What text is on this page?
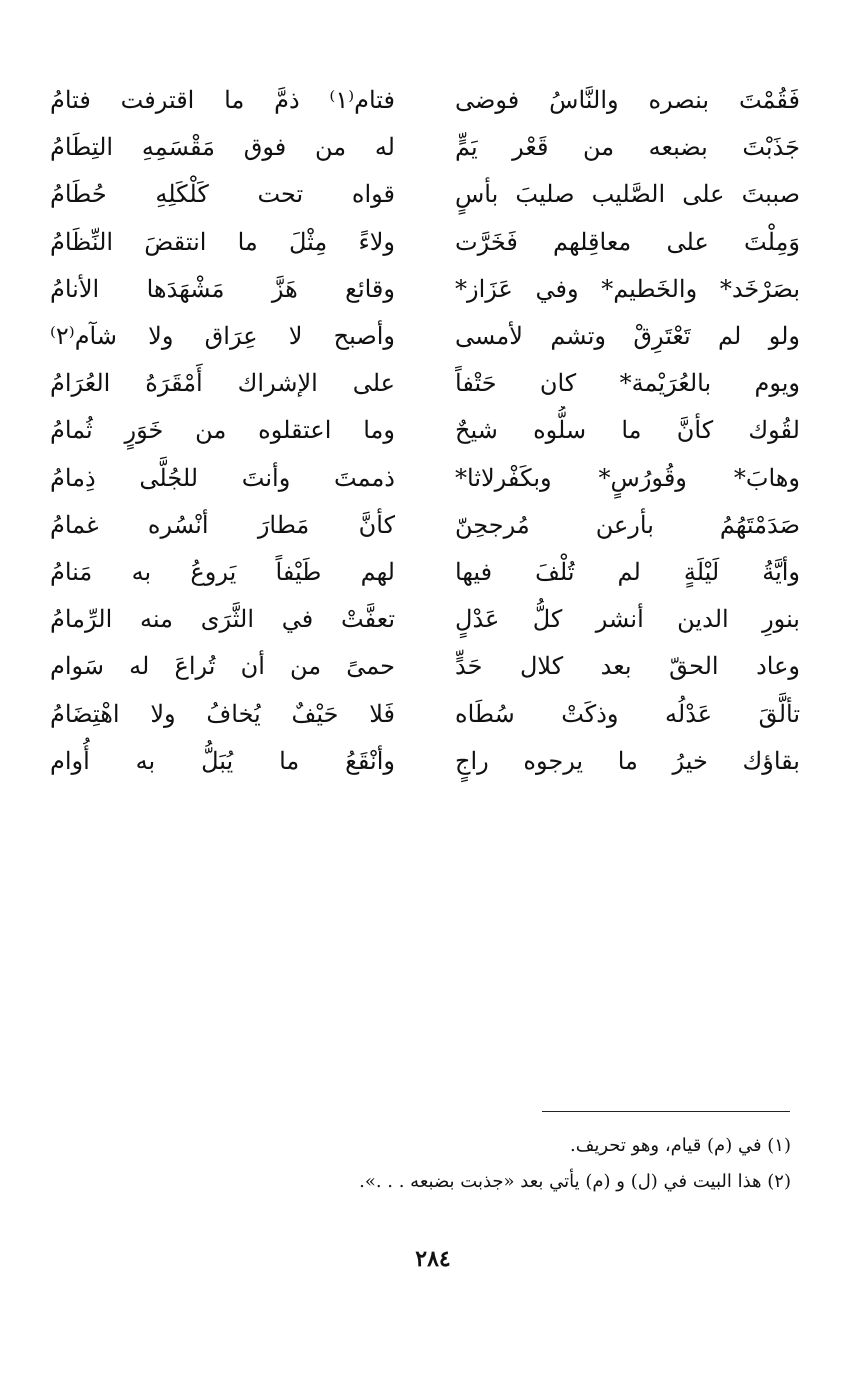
فَقُمْتَ بنصره والنَّاسُ فوضى
فتام⁽١⁾ ذمَّ ما اقترفت فتامُ
جَذَبْتَ بضبعه من قَعْر يَمٍّ
له من فوق مَقْسَمِهِ التِطَامُ
صببتَ على الصَّليب صليبَ بأسٍ
قواه تحت كَلْكَلِهِ حُطَامُ
وَمِلْتَ على معاقِلهم فَخَرَّت
ولاءً مِثْلَ ما انتقضَ النِّظَامُ
بصَرْخَد* والخَطيم* وفي عَزَاز*
وقائع هَزَّ مَشْهَدَها الأنامُ
ولو لم تَعْتَرِقْ وتشم لأمسى
وأصبح لا عِرَاق ولا شآم⁽٢⁾
ويوم بالعُرَيْمة* كان حَتْفاً
على الإشراك أَمْقَرَهُ العُرَامُ
لقُوك كأنَّ ما سلُّوه شيحٌ
وما اعتقلوه من خَوَرٍ ثُمامُ
وهابَ* وقُورُسٍ* وبكَفْرلاثا*
ذممتَ وأنتَ للجُلَّى ذِمامُ
صَدَمْتَهُمُ بأرعن مُرجحِنّ
كأنَّ مَطارَ أنْسُره غمامُ
وأيَّةُ لَيْلَةٍ لم تُلْفَ فيها
لهم طَيْفاً يَروعُ به مَنامُ
بنورِ الدين أنشر كلُّ عَدْلٍ
تعفَّتْ في الثَّرَى منه الرِّمامُ
وعاد الحقّ بعد كلال حَدٍّ
حمىً من أن تُراعَ له سَوام
تألَّقَ عَدْلُه وذكَتْ سُطَاه
فَلا حَيْفٌ يُخافُ ولا اهْتِضَامُ
بقاؤك خيرُ ما يرجوه راجٍ
وأنْقَعُ ما يُبَلُّ به أُوام
(١) في (م) قيام، وهو تحريف.
(٢) هذا البيت في (ل) و (م) يأتي بعد «جذبت بضبعه . . .».
٢٨٤
